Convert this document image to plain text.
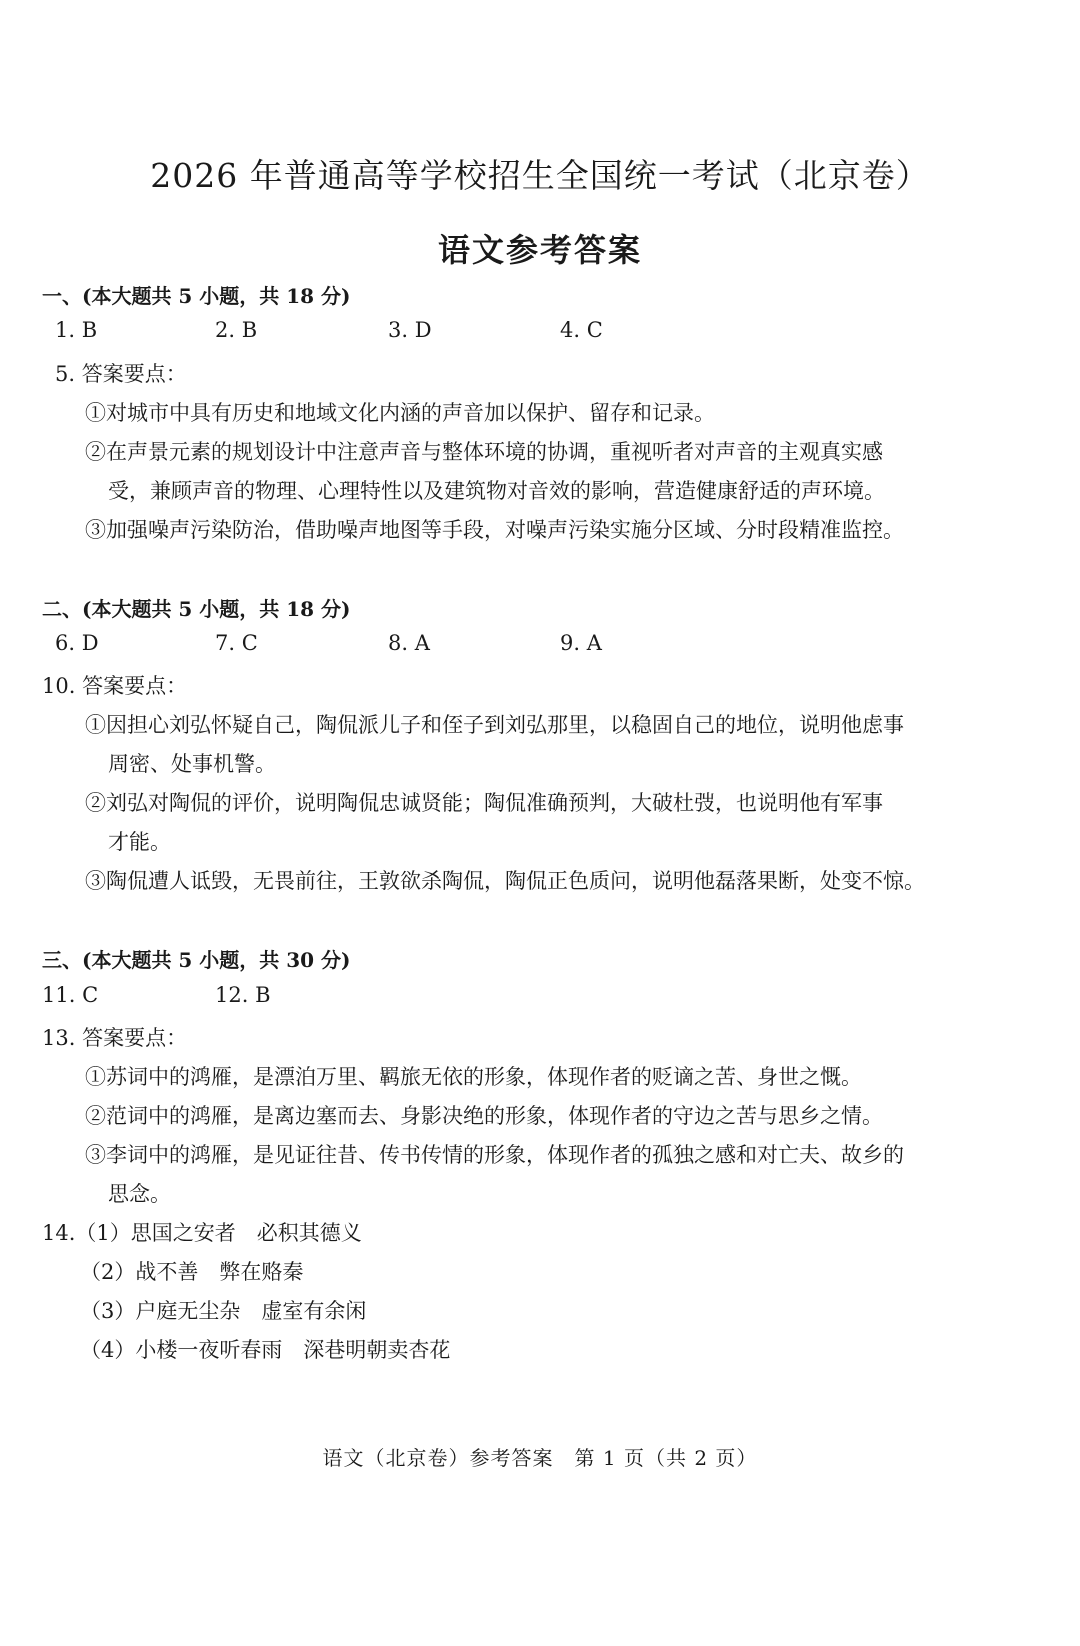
2026 年普通高等学校招生全国统一考试（北京卷）
语文参考答案
一、(本大题共 5 小题，共 18 分)
1. B	2. B	3. D	4. C
5. 答案要点：
①对城市中具有历史和地域文化内涵的声音加以保护、留存和记录。
②在声景元素的规划设计中注意声音与整体环境的协调，重视听者对声音的主观真实感
受，兼顾声音的物理、心理特性以及建筑物对音效的影响，营造健康舒适的声环境。
③加强噪声污染防治，借助噪声地图等手段，对噪声污染实施分区域、分时段精准监控。
二、(本大题共 5 小题，共 18 分)
6. D	7. C	8. A	9. A
10. 答案要点：
①因担心刘弘怀疑自己，陶侃派儿子和侄子到刘弘那里，以稳固自己的地位，说明他虑事
周密、处事机警。
②刘弘对陶侃的评价，说明陶侃忠诚贤能；陶侃准确预判，大破杜弢，也说明他有军事
才能。
③陶侃遭人诋毁，无畏前往，王敦欲杀陶侃，陶侃正色质问，说明他磊落果断，处变不惊。
三、(本大题共 5 小题，共 30 分)
11. C	12. B
13. 答案要点：
①苏词中的鸿雁，是漂泊万里、羁旅无依的形象，体现作者的贬谪之苦、身世之慨。
②范词中的鸿雁，是离边塞而去、身影决绝的形象，体现作者的守边之苦与思乡之情。
③李词中的鸿雁，是见证往昔、传书传情的形象，体现作者的孤独之感和对亡夫、故乡的
思念。
14.（1）思国之安者　必积其德义
（2）战不善　弊在赂秦
（3）户庭无尘杂　虚室有余闲
（4）小楼一夜听春雨　深巷明朝卖杏花
语文（北京卷）参考答案　第 1 页（共 2 页）
